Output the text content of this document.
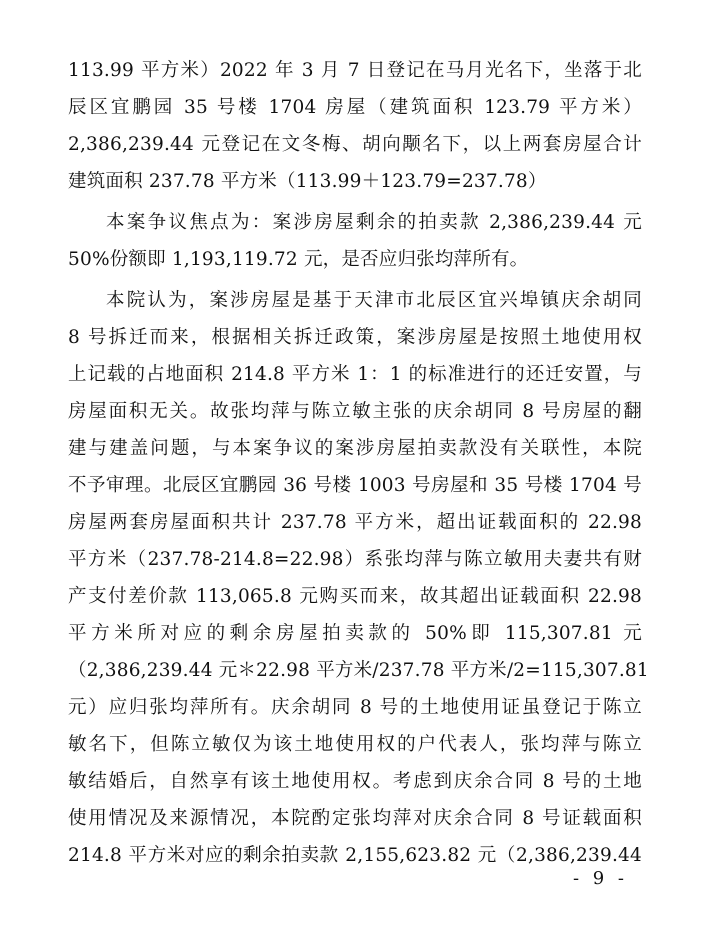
113.99 平方米）2022 年 3 月 7 日登记在马月光名下，坐落于北
辰区宜鹏园 35 号楼 1704 房屋（建筑面积 123.79 平方米）
2,386,239.44 元登记在文冬梅、胡向颙名下，以上两套房屋合计
建筑面积 237.78 平方米（113.99＋123.79=237.78）
本案争议焦点为：案涉房屋剩余的拍卖款 2,386,239.44 元
50%份额即 1,193,119.72 元，是否应归张均萍所有。
本院认为，案涉房屋是基于天津市北辰区宜兴埠镇庆余胡同
8 号拆迁而来，根据相关拆迁政策，案涉房屋是按照土地使用权
上记载的占地面积 214.8 平方米 1：1 的标准进行的还迁安置，与
房屋面积无关。故张均萍与陈立敏主张的庆余胡同 8 号房屋的翻
建与建盖问题，与本案争议的案涉房屋拍卖款没有关联性，本院
不予审理。北辰区宜鹏园 36 号楼 1003 号房屋和 35 号楼 1704 号
房屋两套房屋面积共计 237.78 平方米，超出证载面积的 22.98
平方米（237.78-214.8=22.98）系张均萍与陈立敏用夫妻共有财
产支付差价款 113,065.8 元购买而来，故其超出证载面积 22.98
平方米所对应的剩余房屋拍卖款的 50%即 115,307.81 元
（2,386,239.44 元＊22.98 平方米/237.78 平方米/2=115,307.81
元）应归张均萍所有。庆余胡同 8 号的土地使用证虽登记于陈立
敏名下，但陈立敏仅为该土地使用权的户代表人，张均萍与陈立
敏结婚后，自然享有该土地使用权。考虑到庆余合同 8 号的土地
使用情况及来源情况，本院酌定张均萍对庆余合同 8 号证载面积
214.8 平方米对应的剩余拍卖款 2,155,623.82 元（2,386,239.44
- 9 -
